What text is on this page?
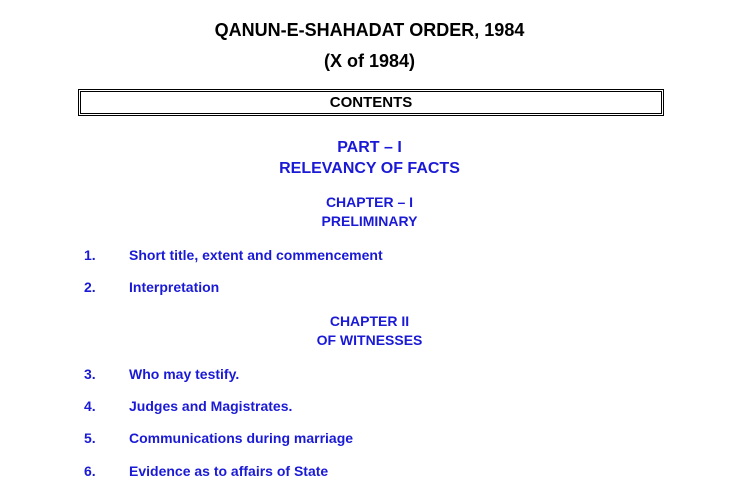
QANUN-E-SHAHADAT ORDER, 1984
(X of 1984)
CONTENTS
PART – I
RELEVANCY OF FACTS
CHAPTER – I
PRELIMINARY
1. Short title, extent and commencement
2. Interpretation
CHAPTER II
OF WITNESSES
3. Who may testify.
4. Judges and Magistrates.
5. Communications during marriage
6. Evidence as to affairs of State
